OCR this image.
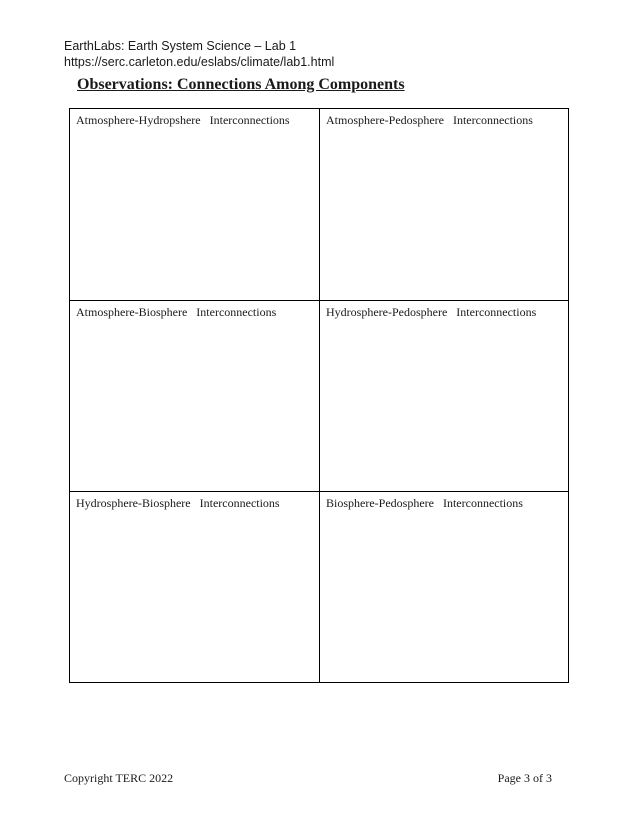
EarthLabs: Earth System Science – Lab 1
https://serc.carleton.edu/eslabs/climate/lab1.html
Observations: Connections Among Components
Atmosphere-Hydropshere   Interconnections	Atmosphere-Pedosphere   Interconnections
Atmosphere-Biosphere   Interconnections	Hydrosphere-Pedosphere   Interconnections
Hydrosphere-Biosphere   Interconnections	Biosphere-Pedosphere   Interconnections
Copyright TERC 2022	Page 3 of 3
